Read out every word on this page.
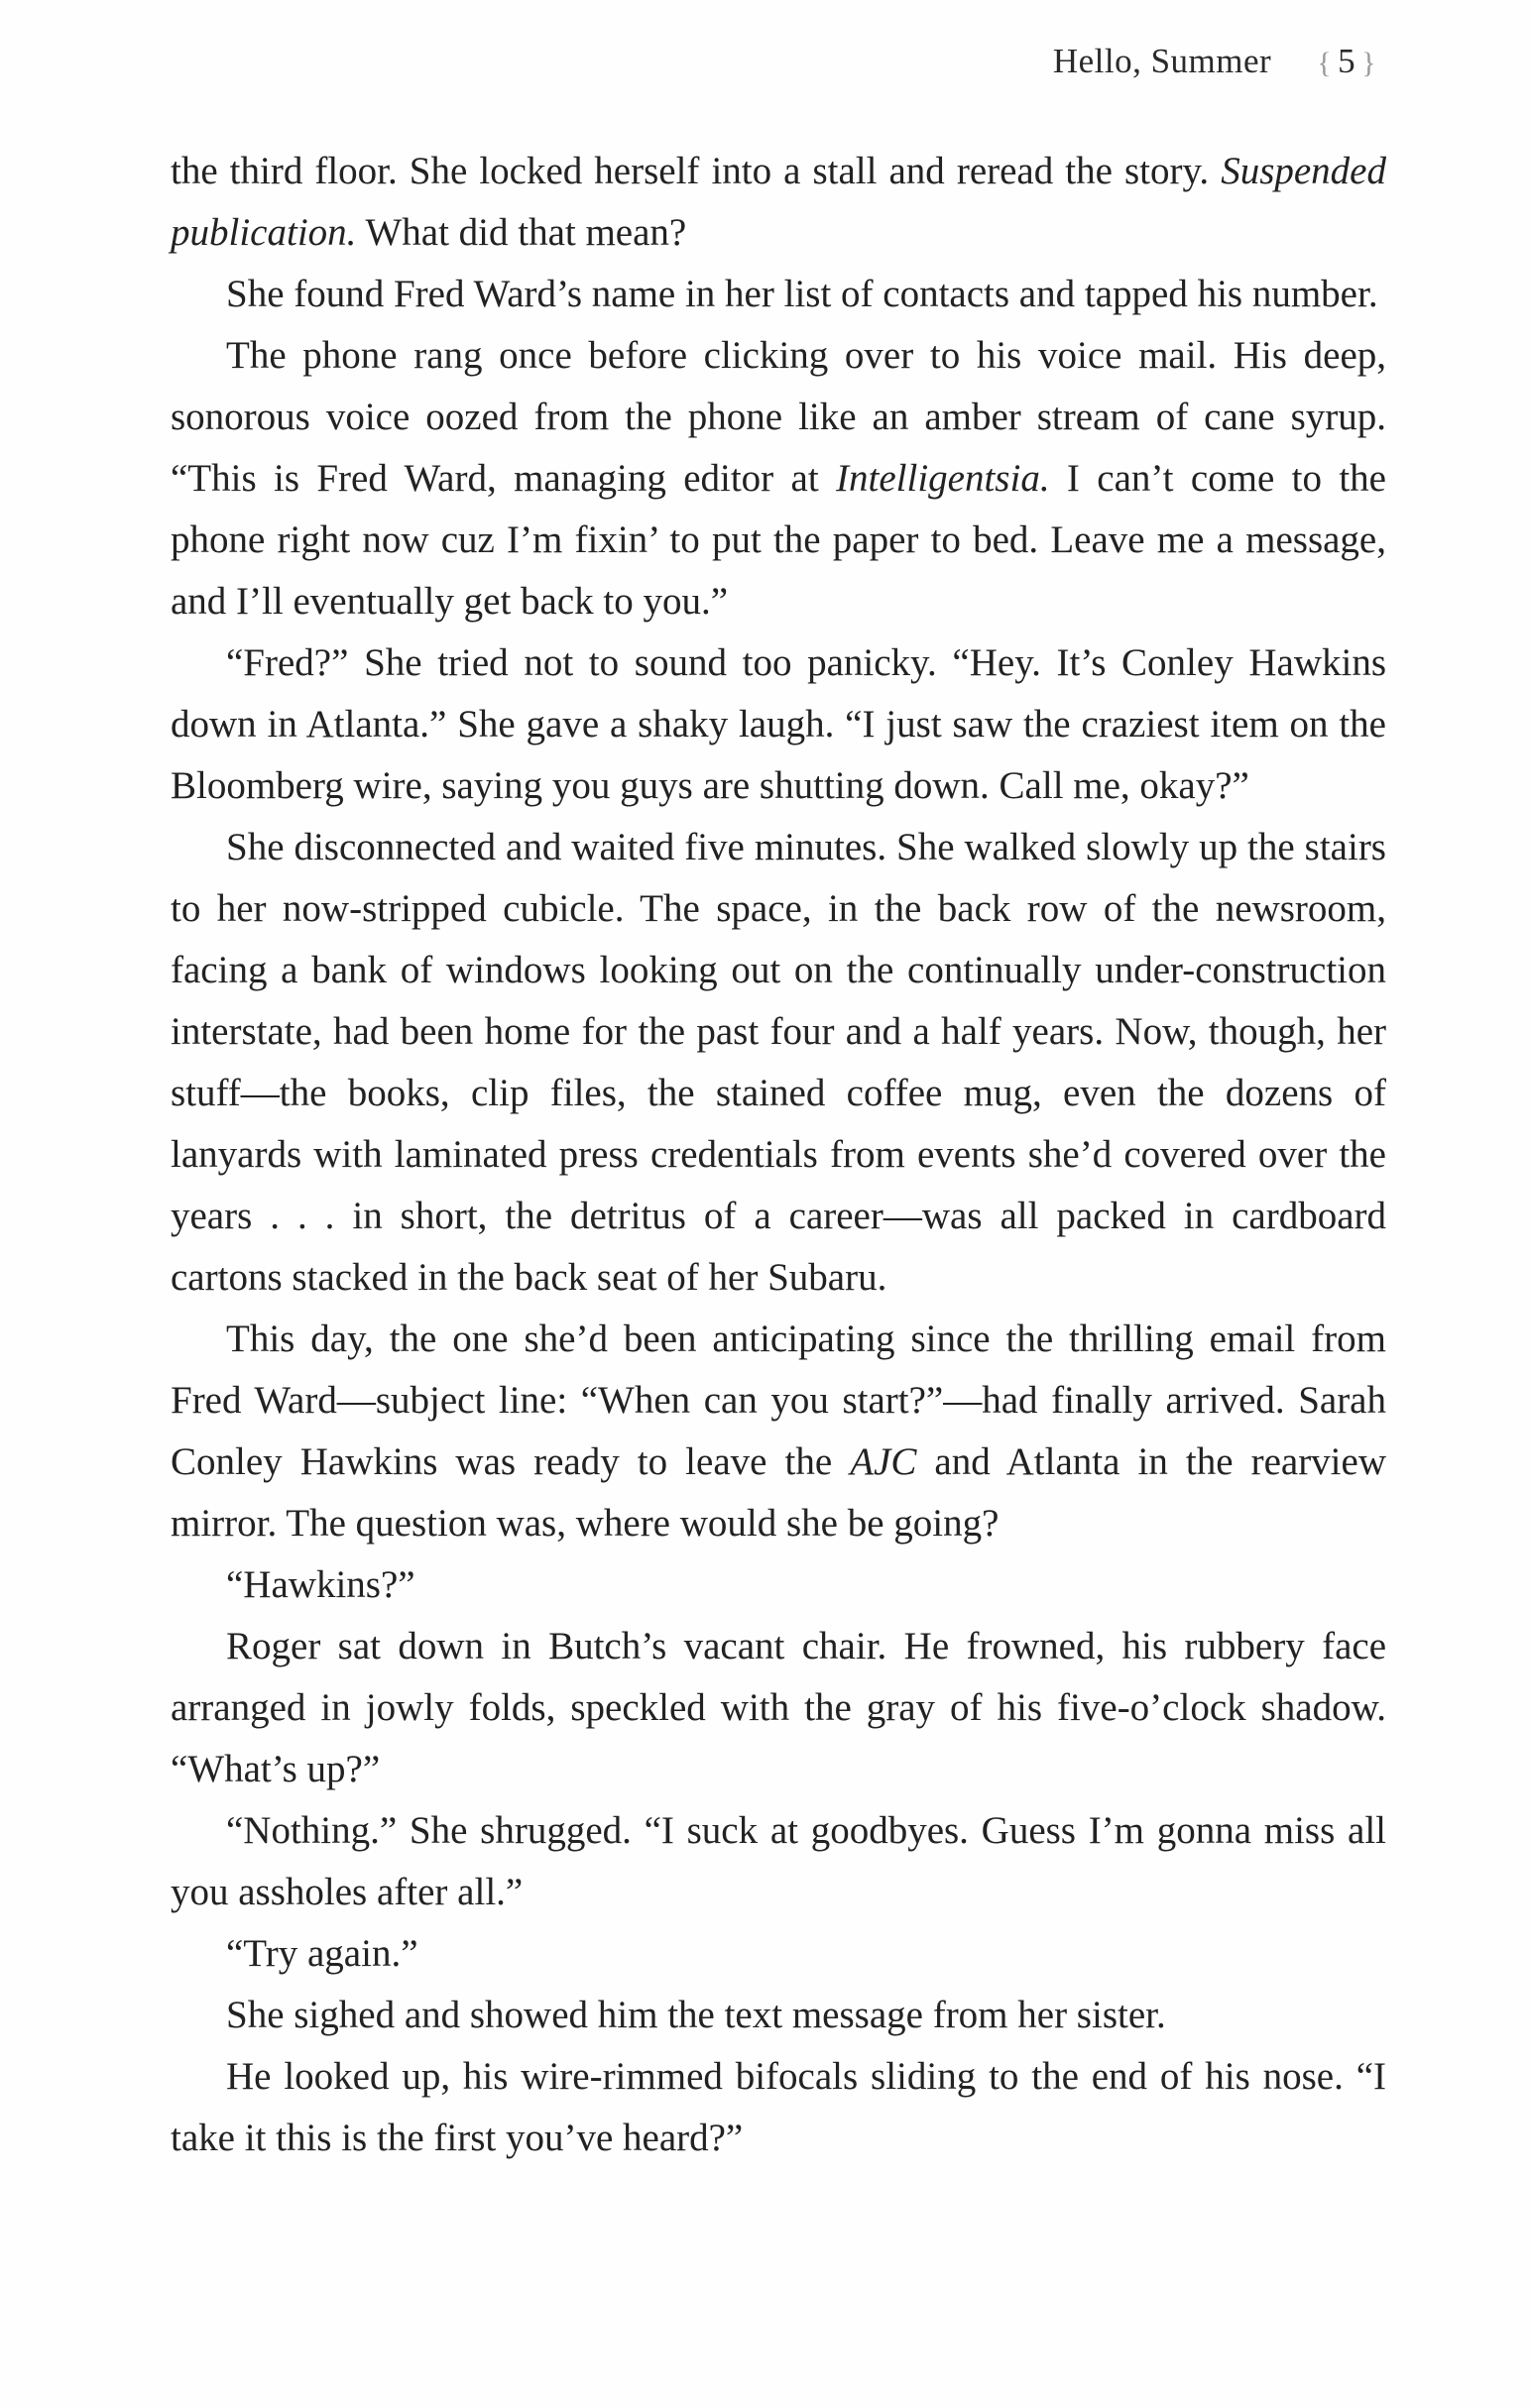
Hello, Summer { 5 }

the third floor. She locked herself into a stall and reread the story. Suspended publication. What did that mean?

She found Fred Ward’s name in her list of contacts and tapped his number.

The phone rang once before clicking over to his voice mail. His deep, sonorous voice oozed from the phone like an amber stream of cane syrup. “This is Fred Ward, managing editor at Intelligentsia. I can’t come to the phone right now cuz I’m fixin’ to put the paper to bed. Leave me a message, and I’ll eventually get back to you.”

“Fred?” She tried not to sound too panicky. “Hey. It’s Conley Hawkins down in Atlanta.” She gave a shaky laugh. “I just saw the craziest item on the Bloomberg wire, saying you guys are shutting down. Call me, okay?”

She disconnected and waited five minutes. She walked slowly up the stairs to her now-stripped cubicle. The space, in the back row of the newsroom, facing a bank of windows looking out on the continually under-construction interstate, had been home for the past four and a half years. Now, though, her stuff—the books, clip files, the stained coffee mug, even the dozens of lanyards with laminated press credentials from events she’d covered over the years . . . in short, the detritus of a career—was all packed in cardboard cartons stacked in the back seat of her Subaru.

This day, the one she’d been anticipating since the thrilling email from Fred Ward—subject line: “When can you start?”—had finally arrived. Sarah Conley Hawkins was ready to leave the AJC and Atlanta in the rearview mirror. The question was, where would she be going?

“Hawkins?”

Roger sat down in Butch’s vacant chair. He frowned, his rubbery face arranged in jowly folds, speckled with the gray of his five-o’clock shadow. “What’s up?”

“Nothing.” She shrugged. “I suck at goodbyes. Guess I’m gonna miss all you assholes after all.”

“Try again.”

She sighed and showed him the text message from her sister.

He looked up, his wire-rimmed bifocals sliding to the end of his nose. “I take it this is the first you’ve heard?”
